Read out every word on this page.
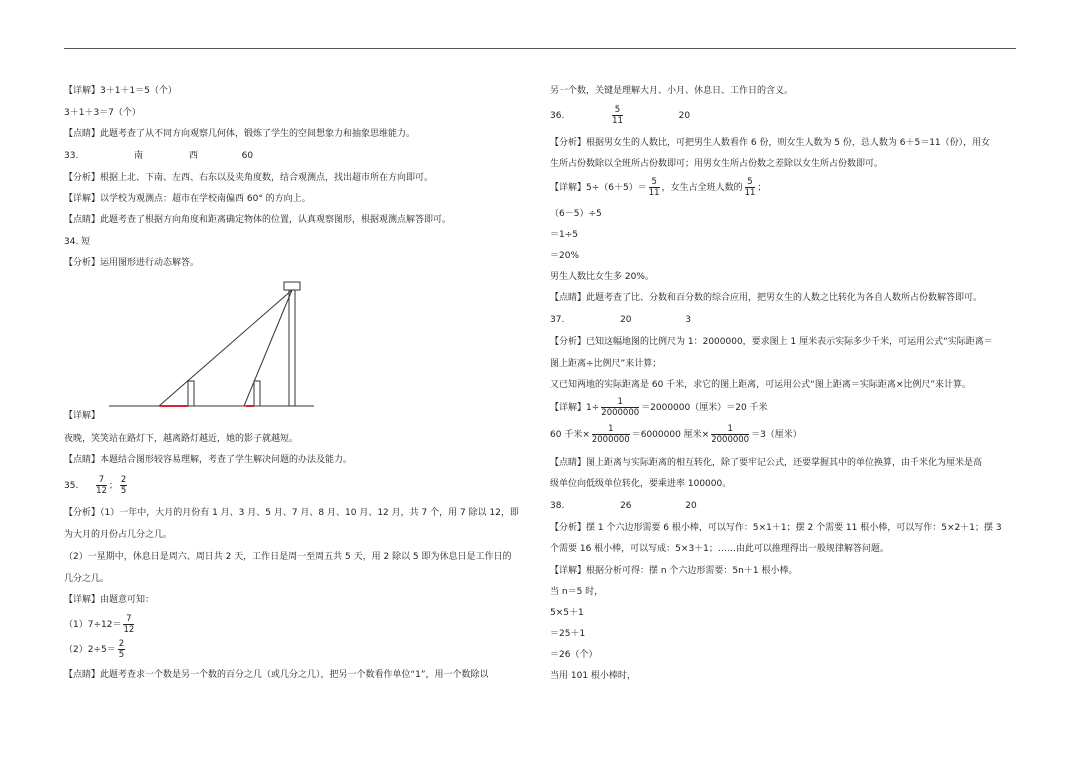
【详解】3＋1＋1＝5（个）
3＋1＋3＝7（个）
【点睛】此题考查了从不同方向观察几何体，锻炼了学生的空间想象力和抽象思维能力。
33.	南	西	60
【分析】根据上北、下南、左西、右东以及夹角度数，结合观测点，找出超市所在方向即可。
【详解】以学校为观测点：超市在学校南偏西 60° 的方向上。
【点睛】此题考查了根据方向角度和距离确定物体的位置，认真观察图形，根据观测点解答即可。
34. 短
【分析】运用图形进行动态解答。
【详解】
夜晚，笑笑站在路灯下，越离路灯越近，她的影子就越短。
【点睛】本题结合图形较容易理解，考查了学生解决问题的办法及能力。
35. $\frac{7}{12}$ ； $\frac{2}{5}$
【分析】（1）一年中，大月的月份有 1 月、3 月、5 月、7 月、8 月、10 月、12 月，共 7 个，用 7 除以 12，即
为大月的月份占几分之几。
（2）一星期中，休息日是周六、周日共 2 天，工作日是周一至周五共 5 天，用 2 除以 5 即为休息日是工作日的
几分之几。
【详解】由题意可知：
$(1)7\div 12= \frac{7}{12}$
$(2)2\div 5= \frac{2}{5}$
【点睛】此题考查求一个数是另一个数的百分之几（或几分之几），把另一个数看作单位“1”，用一个数除以
另一个数，关键是理解大月、小月、休息日、工作日的含义。
36.	$\frac{5}{11}$	20
【分析】根据男女生的人数比，可把男生人数看作 6 份，则女生人数为 5 份，总人数为 6＋5＝11（份），用女
生所占份数除以全班所占份数即可；用男女生所占份数之差除以女生所占份数即可。
【详解】$5\div(6+5)= \frac{5}{11}$ ，女生占全班人数的 $\frac{5}{11}$ ；
（6－5）÷5
＝1÷5
＝20%
男生人数比女生多 20%。
【点睛】此题考查了比、分数和百分数的综合应用，把男女生的人数之比转化为各自人数所占份数解答即可。
37.	20	3
【分析】已知这幅地图的比例尺为 1：2000000，要求图上 1 厘米表示实际多少千米，可运用公式“实际距离＝
图上距离÷比例尺”来计算；
又已知两地的实际距离是 60 千米，求它的图上距离，可运用公式“图上距离＝实际距离×比例尺”来计算。
【详解】$1\div \frac{1}{2000000} =2000000$（厘米）＝20 千米
60 千米× $\frac{1}{2000000} =6000000$ 厘米× $\frac{1}{2000000} =3$（厘米）
【点睛】图上距离与实际距离的相互转化，除了要牢记公式，还要掌握其中的单位换算，由千米化为厘米是高
级单位向低级单位转化，要乘进率 100000。
38.	26	20
【分析】摆 1 个六边形需要 6 根小棒，可以写作：5×1＋1；摆 2 个需要 11 根小棒，可以写作：5×2＋1；摆 3
个需要 16 根小棒，可以写成：5×3＋1；……由此可以推理得出一般规律解答问题。
【详解】根据分析可得：摆 n 个六边形需要：5n＋1 根小棒。
当 n＝5 时，
5×5＋1
＝25＋1
＝26（个）
当用 101 根小棒时，
